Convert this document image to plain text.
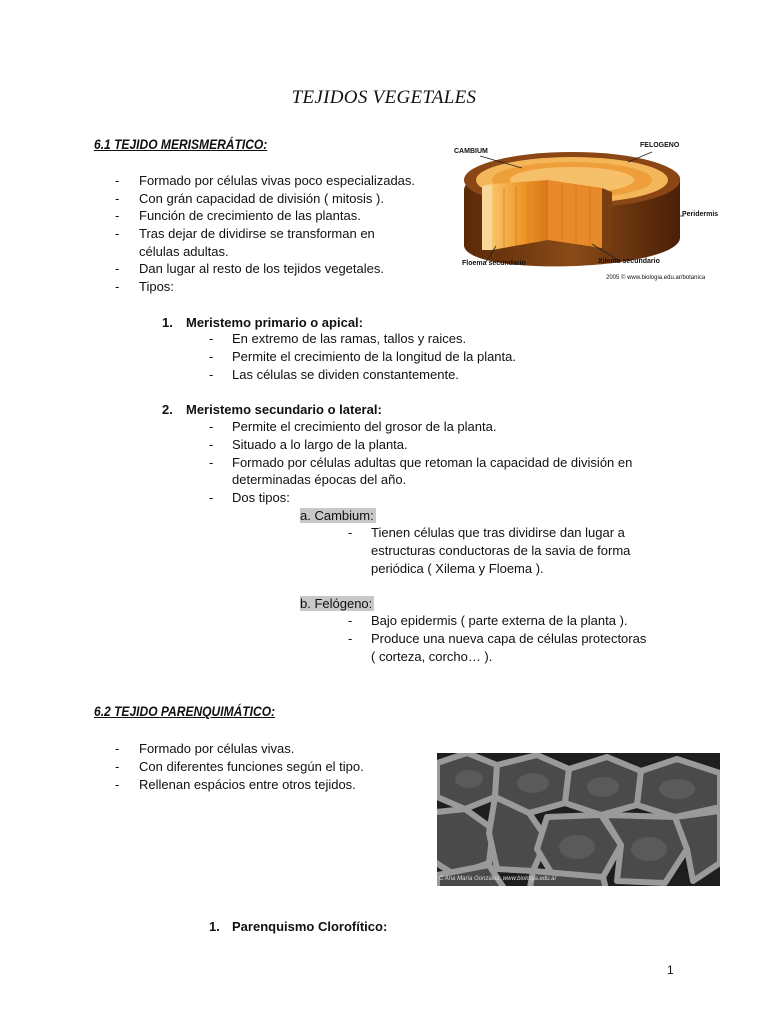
TEJIDOS VEGETALES
6.1 TEJIDO MERISMERÁTICO:
- Formado por células vivas poco especializadas.
- Con grán capacidad de división ( mitosis ).
- Función de crecimiento de las plantas.
- Tras dejar de dividirse se transforman en
células adultas.
- Dan lugar al resto de los tejidos vegetales.
- Tipos:
CAMBIUM
FELOGENO
Peridermis
Floema secundario	Xilema secundario
2005 © www.biologia.edu.ar/botanica
1. Meristemo primario o apical:
- En extremo de las ramas, tallos y raices.
- Permite el crecimiento de la longitud de la planta.
- Las células se dividen constantemente.
2. Meristemo secundario o lateral:
- Permite el crecimiento del grosor de la planta.
- Situado a lo largo de la planta.
- Formado por células adultas que retoman la capacidad de división en
determinadas épocas del año.
- Dos tipos:
a. Cambium:
- Tienen células que tras dividirse dan lugar a
estructuras conductoras de la savia de forma
periódica ( Xilema y Floema ).
b. Felógeno:
- Bajo epidermis ( parte externa de la planta ).
- Produce una nueva capa de células protectoras
( corteza, corcho… ).
6.2 TEJIDO PARENQUIMÁTICO:
- Formado por células vivas.
- Con diferentes funciones según el tipo.
- Rellenan espácios entre otros tejidos.
C Ana María González, www.biologia.edu.ar
1. Parenquismo Clorofítico:
1
